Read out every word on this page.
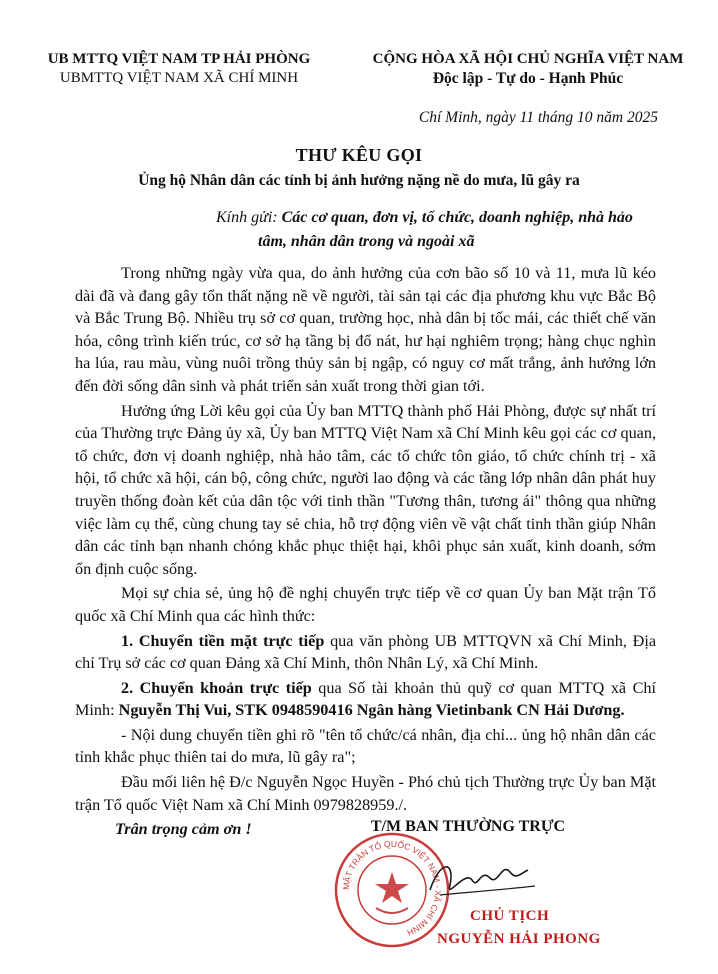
UB MTTQ VIỆT NAM TP HẢI PHÒNG
UBMTTQ VIỆT NAM XÃ CHÍ MINH
CỘNG HÒA XÃ HỘI CHỦ NGHĨA VIỆT NAM
Độc lập - Tự do - Hạnh Phúc
Chí Minh, ngày 11 tháng 10 năm 2025
THƯ KÊU GỌI
Ủng hộ Nhân dân các tỉnh bị ảnh hưởng nặng nề do mưa, lũ gây ra
Kính gửi: Các cơ quan, đơn vị, tổ chức, doanh nghiệp, nhà hảo
tâm, nhân dân trong và ngoài xã

Trong những ngày vừa qua, do ảnh hưởng của cơn bão số 10 và 11, mưa lũ kéo dài đã và đang gây tổn thất nặng nề về người, tài sản tại các địa phương khu vực Bắc Bộ và Bắc Trung Bộ. Nhiều trụ sở cơ quan, trường học, nhà dân bị tốc mái, các thiết chế văn hóa, công trình kiến trúc, cơ sở hạ tầng bị đổ nát, hư hại nghiêm trọng; hàng chục nghìn ha lúa, rau màu, vùng nuôi trồng thủy sản bị ngập, có nguy cơ mất trắng, ảnh hưởng lớn đến đời sống dân sinh và phát triển sản xuất trong thời gian tới.

Hưởng ứng Lời kêu gọi của Ủy ban MTTQ thành phố Hải Phòng, được sự nhất trí của Thường trực Đảng ủy xã, Ủy ban MTTQ Việt Nam xã Chí Minh kêu gọi các cơ quan, tổ chức, đơn vị doanh nghiệp, nhà hảo tâm, các tổ chức tôn giáo, tổ chức chính trị - xã hội, tổ chức xã hội, cán bộ, công chức, người lao động và các tầng lớp nhân dân phát huy truyền thống đoàn kết của dân tộc với tinh thần "Tương thân, tương ái" thông qua những việc làm cụ thể, cùng chung tay sẻ chia, hỗ trợ động viên về vật chất tinh thần giúp Nhân dân các tỉnh bạn nhanh chóng khắc phục thiệt hại, khôi phục sản xuất, kinh doanh, sớm ổn định cuộc sống.

Mọi sự chia sẻ, ủng hộ đề nghị chuyển trực tiếp về cơ quan Ủy ban Mặt trận Tổ quốc xã Chí Minh qua các hình thức:

1. Chuyển tiền mặt trực tiếp qua văn phòng UB MTTQVN xã Chí Minh, Địa chỉ Trụ sở các cơ quan Đảng xã Chí Minh, thôn Nhân Lý, xã Chí Minh.

2. Chuyển khoản trực tiếp qua Số tài khoản thủ quỹ cơ quan MTTQ xã Chí Minh: Nguyễn Thị Vui, STK 0948590416 Ngân hàng Vietinbank CN Hải Dương.

- Nội dung chuyển tiền ghi rõ "tên tổ chức/cá nhân, địa chỉ... ủng hộ nhân dân các tỉnh khắc phục thiên tai do mưa, lũ gây ra";

Đầu mối liên hệ Đ/c Nguyễn Ngọc Huyền - Phó chủ tịch Thường trực Ủy ban Mặt trận Tổ quốc Việt Nam xã Chí Minh 0979828959./.

Trân trọng cảm ơn !	T/M BAN THƯỜNG TRỰC
MẶT TRẬN TỔ QUỐC VIỆT NAM - XÃ CHÍ MINH
CHỦ TỊCH
NGUYỄN HẢI PHONG
